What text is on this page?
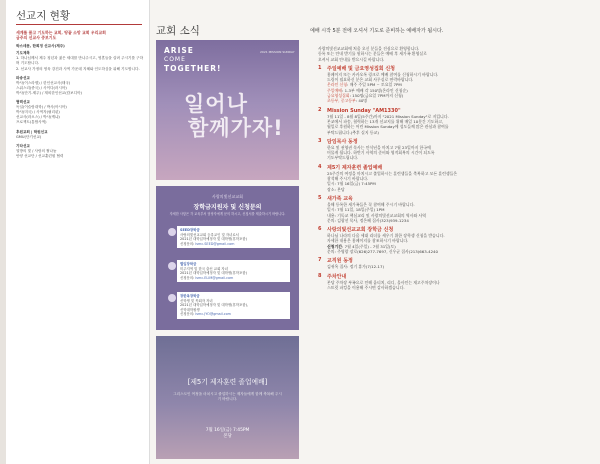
선교지 현황
세계를 품고 기도하는 교회, 땅끝 소망 교회 우리교회
금주의 선교사 중보기도
박스데문, 한희정 선교사(제주)
기도제목
1. 하나님께서 제주 청년과 젊은 세대를 만나주시고, 영혼들을 살려 주시기를 구하며 기도합니다.
2. 선교사 가정의 영육 강건과 사역 가운데 지혜와 인도하심을 위해 기도합니다.
파송선교
박사(이스라엘) / 한인선교사(태국)
스위스리(중국) / 사이다(러시아)
박사(단기-제주) / 재외한인선교(캄보디아)
협력선교
독일(이슬람대학) / 박사(아시아)
박사(미국) / 사역자(필리핀)
선교사(라오스) / 박사(케냐)
프로젝트(통합사역)
후원교회 | 학원선교
GMU(단기선교)
기타선교
열방의 빛 / 사랑의 쌀나눔
안양 선교단 / 선교훈련원 협력
교회 소식
ARISE
COME
TOGETHER!
2021 MISSION SUNDAY
일어나
함께가자!
사랑의빛선교교회
장학금지원자 및 신청문의
자세한 사항은 각 교육부서 담당자에게 문의 하시고, 신청서를 제출하시기 바랍니다.
SEED장학금
사랑의빛선교교회 등록교인 및 자녀로서
2021년 대학입학예정자 및 대학생(휴학포함)
신청문의: lsmc.SEED@gmail.com
별임장학금
미주지역 및 한국 출신 교회 자녀
2021년 대학입학예정자 및 대학생(휴학포함)
신청문의: lsmc.ELIM@gmail.com
장한옥장학금
신학생 및 목회자 자녀
2021년 대학입학예정자 및 대학생(휴학포함),
신학대학원생
신청문의: lsmc.JYO@gmail.com
[제5기 제자훈련 졸업예배]
그리스도인 여정을 마치시고 졸업하시는 제자들에게 함께 축복해 주시기 바랍니다.
7월 16일(금) 7:45PM
본당
예배 시작 5분 전에 오셔서 기도로 준비하는 예배자가 됩시다.
사랑의빛선교교회에 처음 오신 분들을 진심으로 환영합니다.
등록 또는 안내 받기를 원하시는 분들은 예배 후 새가족 환영실로
오셔서 교회 안내를 받으시길 바랍니다.
1	주일예배 및 금요영성집회 신청
홈페이지 또는 카카오톡 링크로 예배 참여를 신청하시기 바랍니다.
드림이 필요하신 분은 교회 사무실로 연락바랍니다.
온라인 신청: 매주 주일 5PM ~ 토요일 7PM
주일예배: 1-3부 예배 각 150명(온라인 신청순)
금요영성집회: 150명(금요일 7PM까지 신청)
초등부, 중고등부: 40명
2	Mission Sunday "AM1330"
7월 11일 - 8월 8일(5주간)까지 "2021 Mission Sunday"로 지킵니다.
본교에서 파송, 협력하는 13개 선교지를 위해 매일 10분간 기도하고,
월일로 후원하는 어린 Mission Sunday에 성도들께 많은 관심과 참여를
부탁드립니다.(추후 실지 등교)
3	담임목사 동정
한요 및 권영권 목사는 안식년을 마치고 7월 23일까지 한국에
머물게 됩니다. 하반기 사역의 준비와 영적회복의 시간이 되도록
기도부탁드립니다.
4	제5기 제자훈련 졸업예배
25주간의 여정을 마치시고 졸업하시는 훈련생들을 축복하고 모든 훈련생들은
참석해 주시기 바랍니다.
일시: 7월 16일(금) 7:45PM
장소: 본당
5	새가족 교육
올해 등록한 새가족들은 꼭 참여해 주시기 바랍니다.
일시: 7월 11일, 18일(주일) 1PM
내용: 기독교 핵심교리 및 사랑의빛선교교회의 역사와 사역
문의: 김광선 목사, 정은혜 집사(323)939-1234
6	사랑의빛선교교회 장학금 신청
하나님 나라의 다음 세대 리더를 세우기 위한 장학생 신청을 받습니다.
자세한 내용은 홈페이지를 참조하시기 바랍니다.
신청기간: 7월 4일(주일) - 7월 31일(토)
문의: 주영랑 장로(626)277-7697, 신우균 집사(213)663-4240
7	교직원 동정
김귀옥 집사: 정기 휴가(7/12-17)
8	주차안내
본당 주차장 부족으로 인해 옵티치, 리디, 올사인는 재고주차장이나
스트릿 파킹을 이용해 주시면 감사하겠습니다.
